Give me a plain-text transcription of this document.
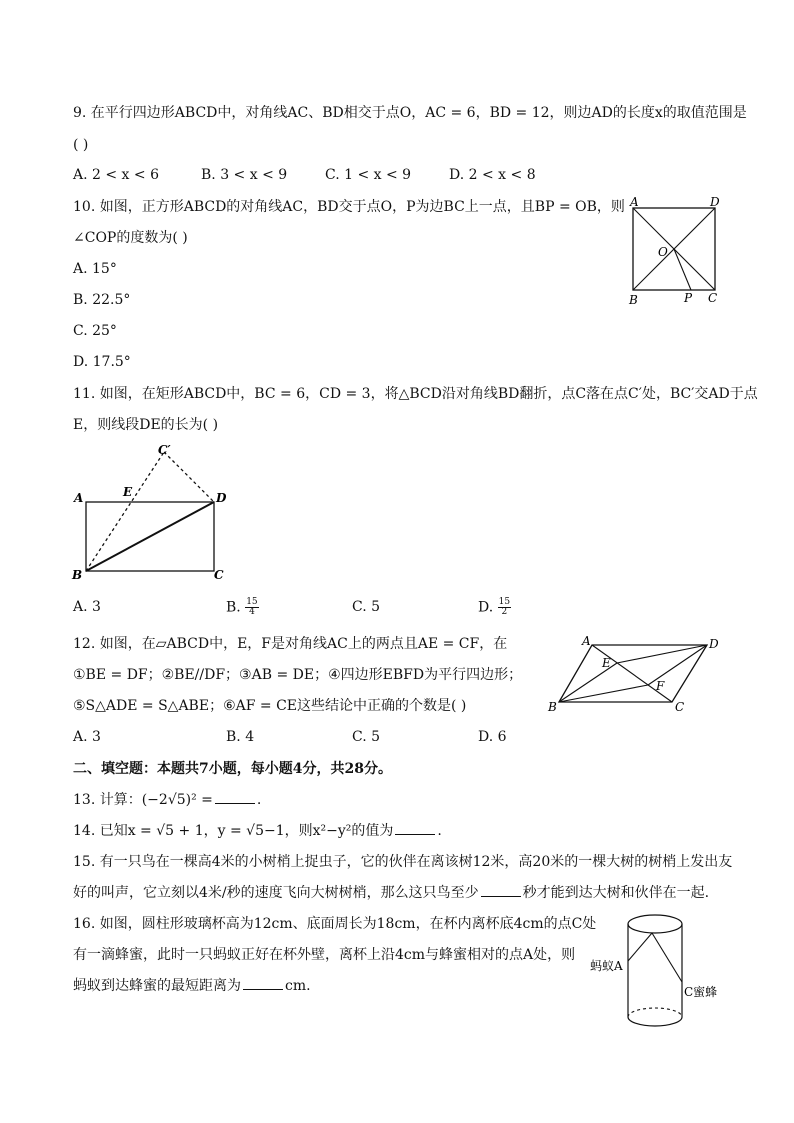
9. 在平行四边形ABCD中，对角线AC、BD相交于点O，AC = 6，BD = 12，则边AD的长度x的取值范围是
( )
A. 2 < x < 6	B. 3 < x < 9	C. 1 < x < 9	D. 2 < x < 8
10. 如图，正方形ABCD的对角线AC，BD交于点O，P为边BC上一点，且BP = OB，则
∠COP的度数为( )
A. 15°
B. 22.5°
C. 25°
D. 17.5°
A	D
O
B	P C
11. 如图，在矩形ABCD中，BC = 6，CD = 3，将△BCD沿对角线BD翻折，点C落在点C′处，BC′交AD于点
E，则线段DE的长为( )
C′
A	E	D
B	C
A. 3	B. $\frac{15}{4}$	C. 5	D. $\frac{15}{2}$
12. 如图，在▱ABCD中，E，F是对角线AC上的两点且AE = CF，在
①BE = DF；②BE//DF；③AB = DE；④四边形EBFD为平行四边形；
⑤S△ADE = S△ABE；⑥AF = CE这些结论中正确的个数是( )
A. 3	B. 4	C. 5	D. 6
A	D
E
F
B	C
二、填空题：本题共7小题，每小题4分，共28分。
13. 计算：(−2√5)² =	.
14. 已知x = √5 + 1，y = √5−1，则x²−y²的值为	.
15. 有一只鸟在一棵高4米的小树梢上捉虫子，它的伙伴在离该树12米，高20米的一棵大树的树梢上发出友
好的叫声，它立刻以4米/秒的速度飞向大树树梢，那么这只鸟至少	秒才能到达大树和伙伴在一起.
16. 如图，圆柱形玻璃杯高为12cm、底面周长为18cm，在杯内离杯底4cm的点C处
有一滴蜂蜜，此时一只蚂蚁正好在杯外壁，离杯上沿4cm与蜂蜜相对的点A处，则
蚂蚁到达蜂蜜的最短距离为	cm.
蚂蚁A
C蜜蜂
